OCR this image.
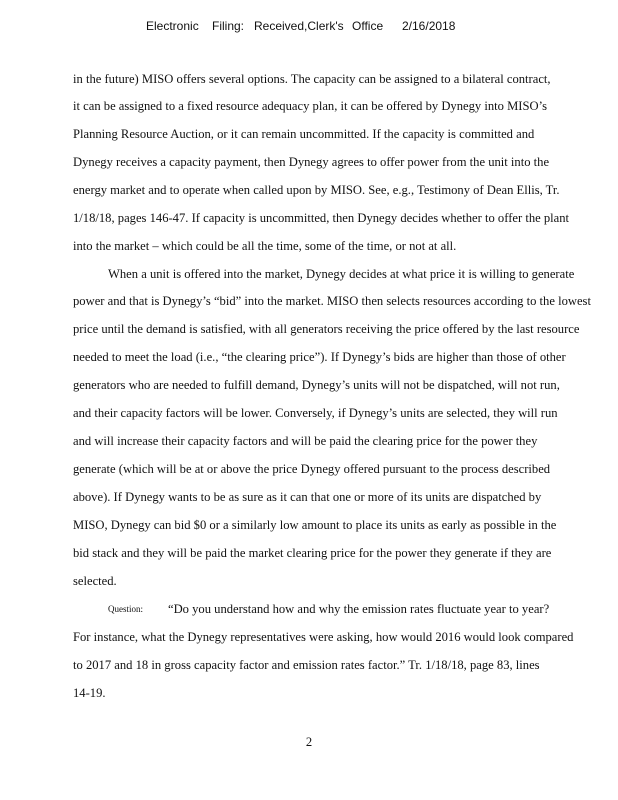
Electronic Filing: Received,Clerk's Office 2/16/2018
in the future) MISO offers several options. The capacity can be assigned to a bilateral contract,
it can be assigned to a fixed resource adequacy plan, it can be offered by Dynegy into MISO’s
Planning Resource Auction, or it can remain uncommitted. If the capacity is committed and
Dynegy receives a capacity payment, then Dynegy agrees to offer power from the unit into the
energy market and to operate when called upon by MISO. See, e.g., Testimony of Dean Ellis, Tr.
1/18/18, pages 146-47. If capacity is uncommitted, then Dynegy decides whether to offer the plant
into the market – which could be all the time, some of the time, or not at all.
When a unit is offered into the market, Dynegy decides at what price it is willing to generate
power and that is Dynegy’s “bid” into the market. MISO then selects resources according to the lowest
price until the demand is satisfied, with all generators receiving the price offered by the last resource
needed to meet the load (i.e., “the clearing price”). If Dynegy’s bids are higher than those of other
generators who are needed to fulfill demand, Dynegy’s units will not be dispatched, will not run,
and their capacity factors will be lower. Conversely, if Dynegy’s units are selected, they will run
and will increase their capacity factors and will be paid the clearing price for the power they
generate (which will be at or above the price Dynegy offered pursuant to the process described
above). If Dynegy wants to be as sure as it can that one or more of its units are dispatched by
MISO, Dynegy can bid $0 or a similarly low amount to place its units as early as possible in the
bid stack and they will be paid the market clearing price for the power they generate if they are
selected.
Question: “Do you understand how and why the emission rates fluctuate year to year?
For instance, what the Dynegy representatives were asking, how would 2016 would look compared
to 2017 and 18 in gross capacity factor and emission rates factor.” Tr. 1/18/18, page 83, lines
14-19.
2
